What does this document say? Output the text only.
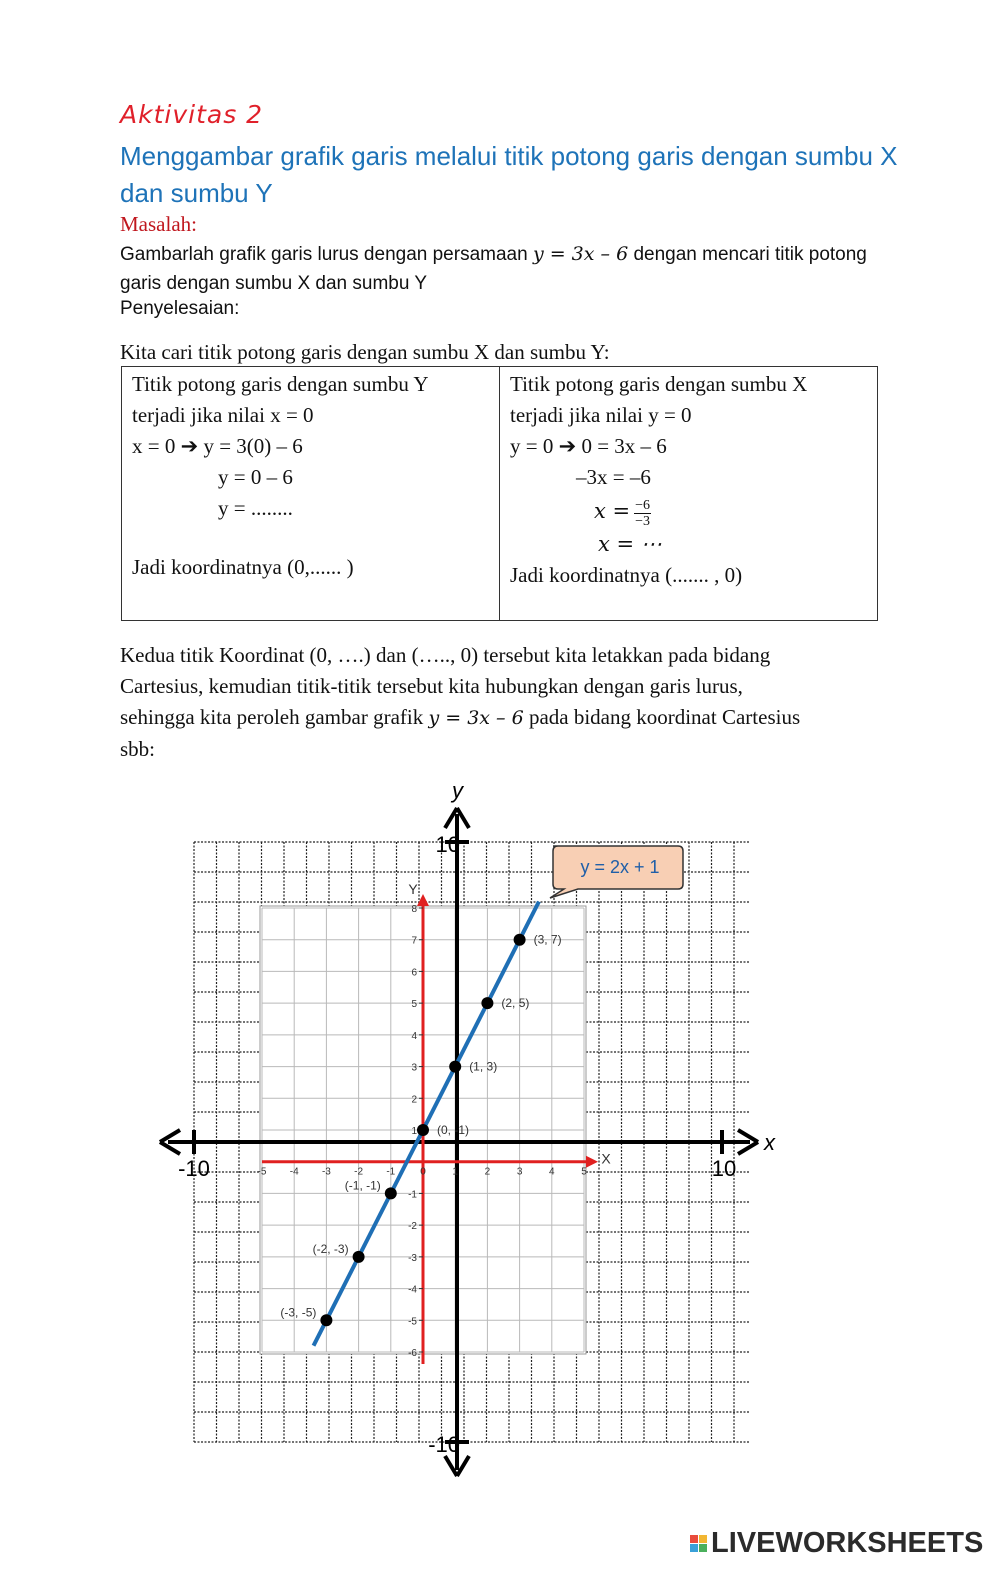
Aktivitas 2
Menggambar grafik garis melalui titik potong garis dengan sumbu X dan sumbu Y
Masalah:
Gambarlah grafik garis lurus dengan persamaan y = 3x – 6 dengan mencari titik potong garis dengan sumbu X dan sumbu Y
Penyelesaian:
Kita cari titik potong garis dengan sumbu X dan sumbu Y:
Titik potong garis dengan sumbu Y
terjadi jika nilai x = 0
x = 0 ➔ y = 3(0) – 6
y = 0 – 6
y = ........
Jadi koordinatnya (0,...... )

Titik potong garis dengan sumbu X
terjadi jika nilai y = 0
y = 0 ➔ 0 = 3x – 6
–3x = –6
$x = \frac{-6}{-3}$
x = ⋯
Jadi koordinatnya (....... , 0)
Kedua titik Koordinat (0, ….) dan (….., 0) tersebut kita letakkan pada bidang
Cartesius, kemudian titik-titik tersebut kita hubungkan dengan garis lurus,
sehingga kita peroleh gambar grafik y = 3x – 6 pada bidang koordinat Cartesius
sbb:
10
-10
-10	10
y
x
-5 -4 -3 -2 -1 0	1	2	3	4	5
8
7
6
5
4
3
2
1
-1
-2
-3
-4
-5
-6
Y
X
(-3, -5)
(-2, -3)
(-1, -1)
(0, -1)
(1, 3)
(2, 5)
(3, 7)
y = 2x + 1
LIVEWORKSHEETS
